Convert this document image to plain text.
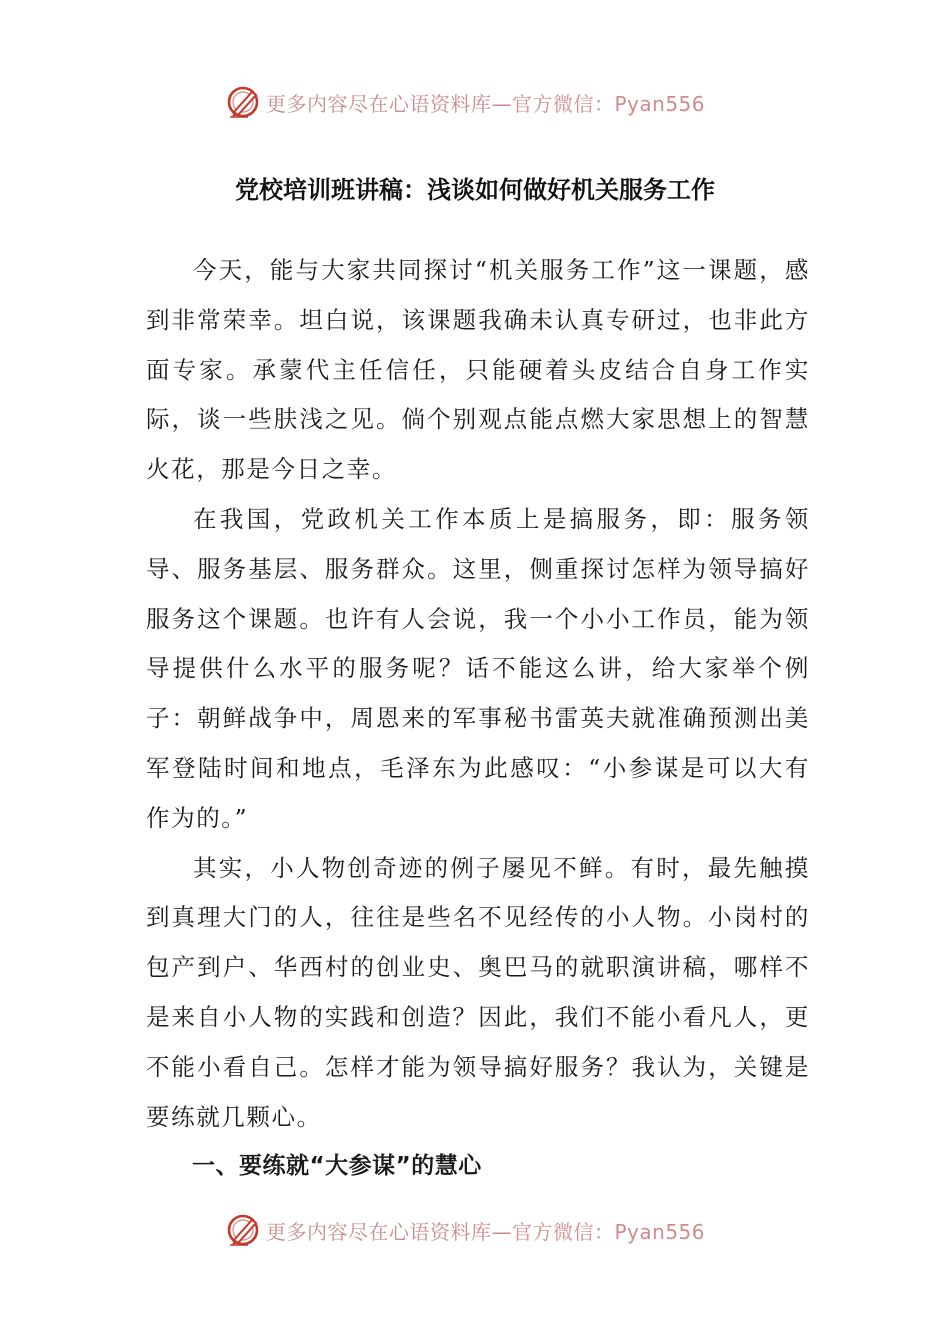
更多内容尽在心语资料库—官方微信：Pyan556
党校培训班讲稿：浅谈如何做好机关服务工作

今天，能与大家共同探讨“机关服务工作”这一课题，感到非常荣幸。坦白说，该课题我确未认真专研过，也非此方面专家。承蒙代主任信任，只能硬着头皮结合自身工作实际，谈一些肤浅之见。倘个别观点能点燃大家思想上的智慧火花，那是今日之幸。

在我国，党政机关工作本质上是搞服务，即：服务领导、服务基层、服务群众。这里，侧重探讨怎样为领导搞好服务这个课题。也许有人会说，我一个小小工作员，能为领导提供什么水平的服务呢？话不能这么讲，给大家举个例子：朝鲜战争中，周恩来的军事秘书雷英夫就准确预测出美军登陆时间和地点，毛泽东为此感叹：“小参谋是可以大有作为的。”

其实，小人物创奇迹的例子屡见不鲜。有时，最先触摸到真理大门的人，往往是些名不见经传的小人物。小岗村的包产到户、华西村的创业史、奥巴马的就职演讲稿，哪样不是来自小人物的实践和创造？因此，我们不能小看凡人，更不能小看自己。怎样才能为领导搞好服务？我认为，关键是要练就几颗心。

一、要练就“大参谋”的慧心

更多内容尽在心语资料库—官方微信：Pyan556
